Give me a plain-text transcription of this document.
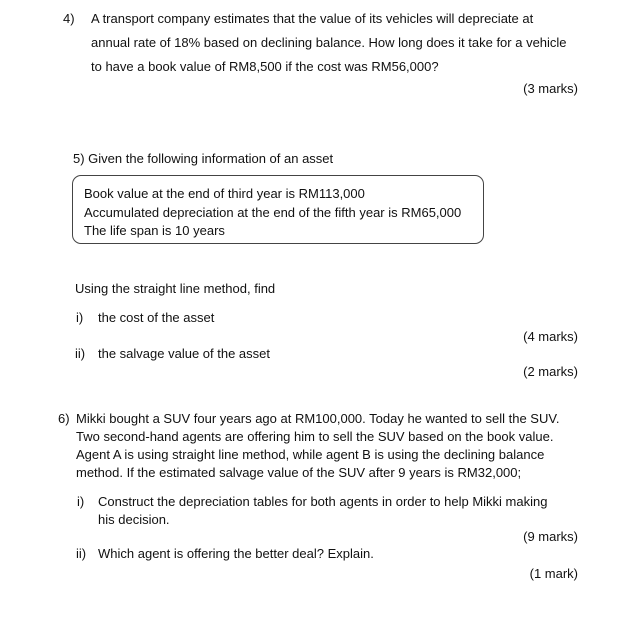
4) A transport company estimates that the value of its vehicles will depreciate at
annual rate of 18% based on declining balance. How long does it take for a vehicle
to have a book value of RM8,500 if the cost was RM56,000?
(3 marks)
5) Given the following information of an asset
Book value at the end of third year is RM113,000
Accumulated depreciation at the end of the fifth year is RM65,000
The life span is 10 years
Using the straight line method, find
i) the cost of the asset
(4 marks)
ii) the salvage value of the asset
(2 marks)
6) Mikki bought a SUV four years ago at RM100,000. Today he wanted to sell the SUV.
Two second-hand agents are offering him to sell the SUV based on the book value.
Agent A is using straight line method, while agent B is using the declining balance
method. If the estimated salvage value of the SUV after 9 years is RM32,000;
i) Construct the depreciation tables for both agents in order to help Mikki making
his decision.
(9 marks)
ii) Which agent is offering the better deal? Explain.
(1 mark)
